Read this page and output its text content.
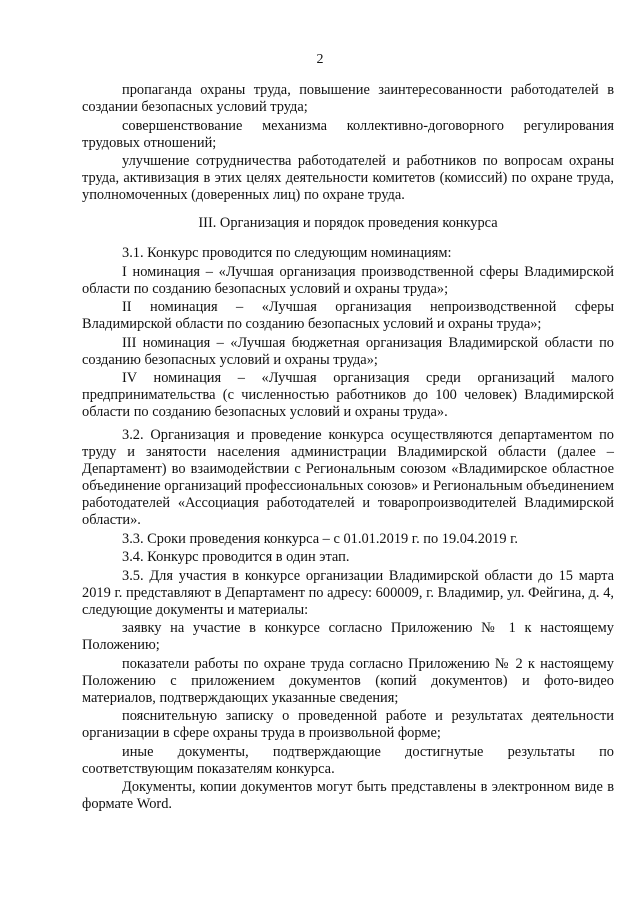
2

пропаганда охраны труда, повышение заинтересованности работодателей в создании безопасных условий труда;

совершенствование механизма коллективно-договорного регулирования трудовых отношений;

улучшение сотрудничества работодателей и работников по вопросам охраны труда, активизация в этих целях деятельности комитетов (комиссий) по охране труда, уполномоченных (доверенных лиц) по охране труда.

III. Организация и порядок проведения конкурса

3.1. Конкурс проводится по следующим номинациям:

I номинация – «Лучшая организация производственной сферы Владимирской области по созданию безопасных условий и охраны труда»;

II номинация – «Лучшая организация непроизводственной сферы Владимирской области по созданию безопасных условий и охраны труда»;

III номинация – «Лучшая бюджетная организация Владимирской области по созданию безопасных условий и охраны труда»;

IV номинация – «Лучшая организация среди организаций малого предпринимательства (с численностью работников до 100 человек) Владимирской области по созданию безопасных условий и охраны труда».

3.2. Организация и проведение конкурса осуществляются департаментом по труду и занятости населения администрации Владимирской области (далее – Департамент) во взаимодействии с Региональным союзом «Владимирское областное объединение организаций профессиональных союзов» и Региональным объединением работодателей «Ассоциация работодателей и товаропроизводителей Владимирской области».

3.3. Сроки проведения конкурса – с 01.01.2019 г. по 19.04.2019 г.

3.4. Конкурс проводится в один этап.

3.5. Для участия в конкурсе организации Владимирской области до 15 марта 2019 г. представляют в Департамент по адресу: 600009, г. Владимир, ул. Фейгина, д. 4, следующие документы и материалы:

заявку на участие в конкурсе согласно Приложению № 1 к настоящему Положению;

показатели работы по охране труда согласно Приложению № 2 к настоящему Положению с приложением документов (копий документов) и фото-видео материалов, подтверждающих указанные сведения;

пояснительную записку о проведенной работе и результатах деятельности организации в сфере охраны труда в произвольной форме;

иные документы, подтверждающие достигнутые результаты по соответствующим показателям конкурса.

Документы, копии документов могут быть представлены в электронном виде в формате Word.
